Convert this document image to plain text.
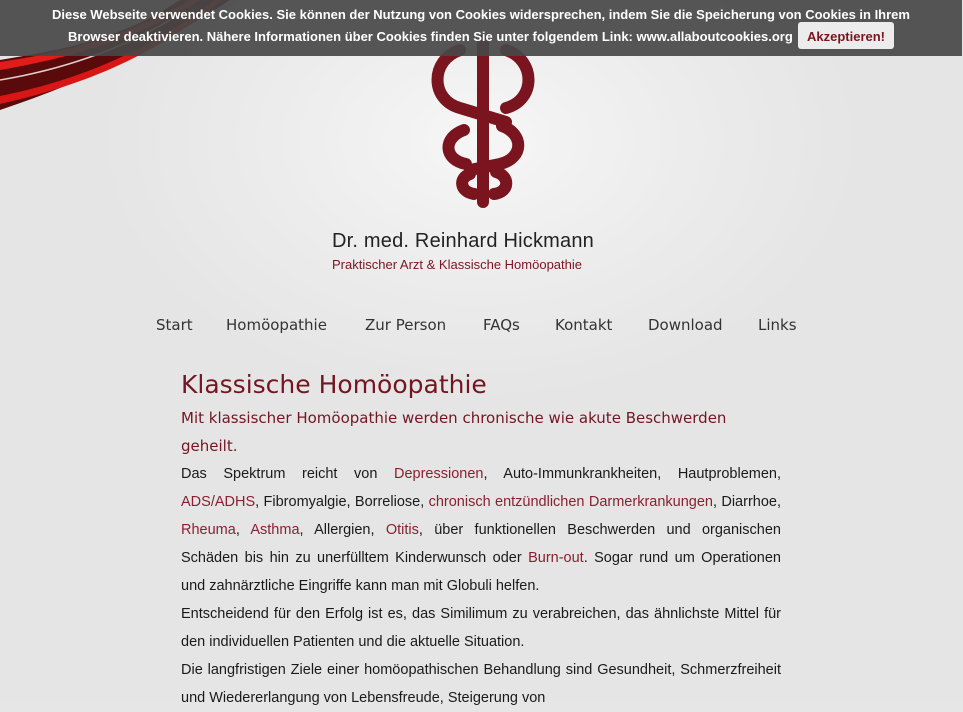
Diese Webseite verwendet Cookies. Sie können der Nutzung von Cookies widersprechen, indem Sie die Speicherung von Cookies in Ihrem
Browser deaktivieren. Nähere Informationen über Cookies finden Sie unter folgendem Link: www.allaboutcookies.org	Akzeptieren!
Dr. med. Reinhard Hickmann
Praktischer Arzt & Klassische Homöopathie
Start Homöopathie	Zur Person FAQs Kontakt Download Links
Klassische Homöopathie

Mit klassischer Homöopathie werden chronische wie akute Beschwerden geheilt.

Das Spektrum reicht von Depressionen, Auto-Immunkrankheiten, Hautproblemen, ADS/ADHS, Fibromyalgie, Borreliose, chronisch entzündlichen Darmerkrankungen, Diarrhoe, Rheuma, Asthma, Allergien, Otitis, über funktionellen Beschwerden und organischen Schäden bis hin zu unerfülltem Kinderwunsch oder Burn-out. Sogar rund um Operationen und zahnärztliche Eingriffe kann man mit Globuli helfen.

Entscheidend für den Erfolg ist es, das Similimum zu verabreichen, das ähnlichste Mittel für den individuellen Patienten und die aktuelle Situation.

Die langfristigen Ziele einer homöopathischen Behandlung sind Gesundheit, Schmerzfreiheit und Wiedererlangung von Lebensfreude, Steigerung von
